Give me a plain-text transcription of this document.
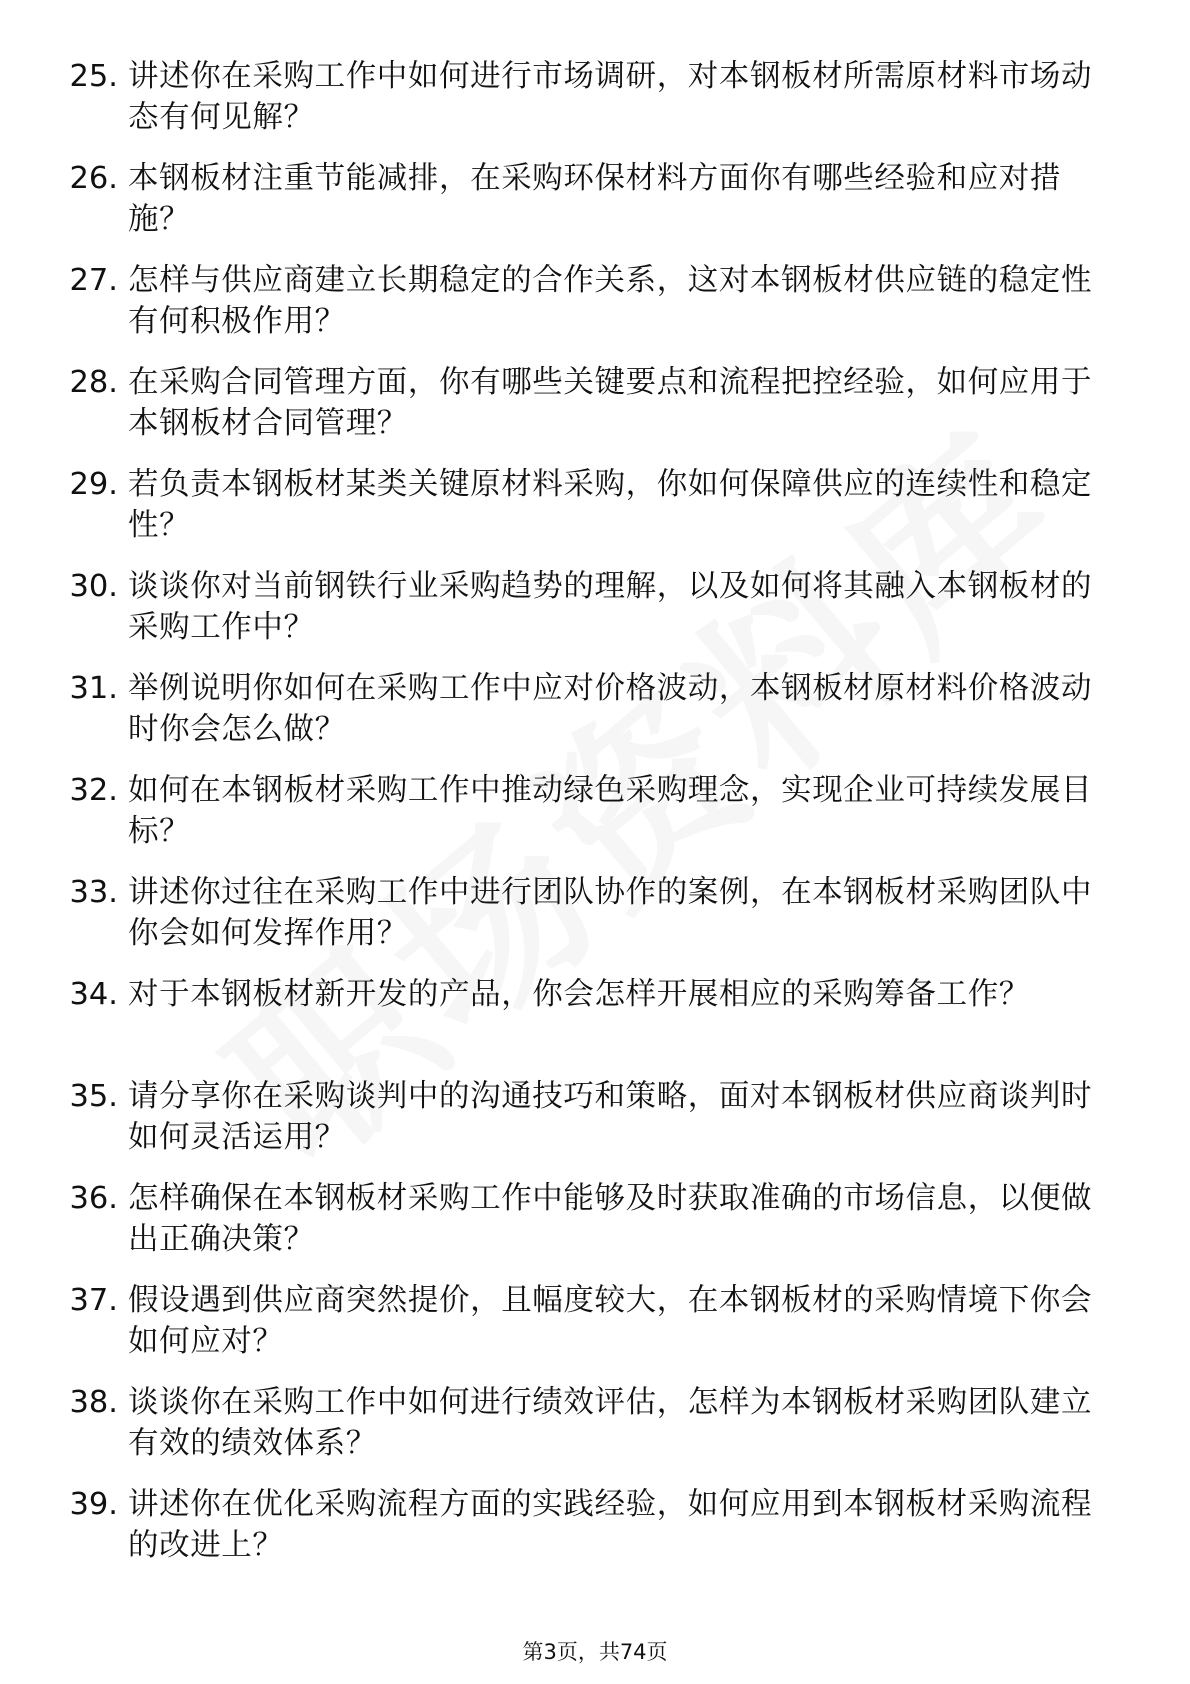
25. 讲述你在采购工作中如何进行市场调研，对本钢板材所需原材料市场动态有何见解？
26. 本钢板材注重节能减排，在采购环保材料方面你有哪些经验和应对措施？
27. 怎样与供应商建立长期稳定的合作关系，这对本钢板材供应链的稳定性有何积极作用？
28. 在采购合同管理方面，你有哪些关键要点和流程把控经验，如何应用于本钢板材合同管理？
29. 若负责本钢板材某类关键原材料采购，你如何保障供应的连续性和稳定性？
30. 谈谈你对当前钢铁行业采购趋势的理解，以及如何将其融入本钢板材的采购工作中？
31. 举例说明你如何在采购工作中应对价格波动，本钢板材原材料价格波动时你会怎么做？
32. 如何在本钢板材采购工作中推动绿色采购理念，实现企业可持续发展目标？
33. 讲述你过往在采购工作中进行团队协作的案例，在本钢板材采购团队中你会如何发挥作用？
34. 对于本钢板材新开发的产品，你会怎样开展相应的采购筹备工作？
35. 请分享你在采购谈判中的沟通技巧和策略，面对本钢板材供应商谈判时如何灵活运用？
36. 怎样确保在本钢板材采购工作中能够及时获取准确的市场信息，以便做出正确决策？
37. 假设遇到供应商突然提价，且幅度较大，在本钢板材的采购情境下你会如何应对？
38. 谈谈你在采购工作中如何进行绩效评估，怎样为本钢板材采购团队建立有效的绩效体系？
39. 讲述你在优化采购流程方面的实践经验，如何应用到本钢板材采购流程的改进上？
第3页，共74页
